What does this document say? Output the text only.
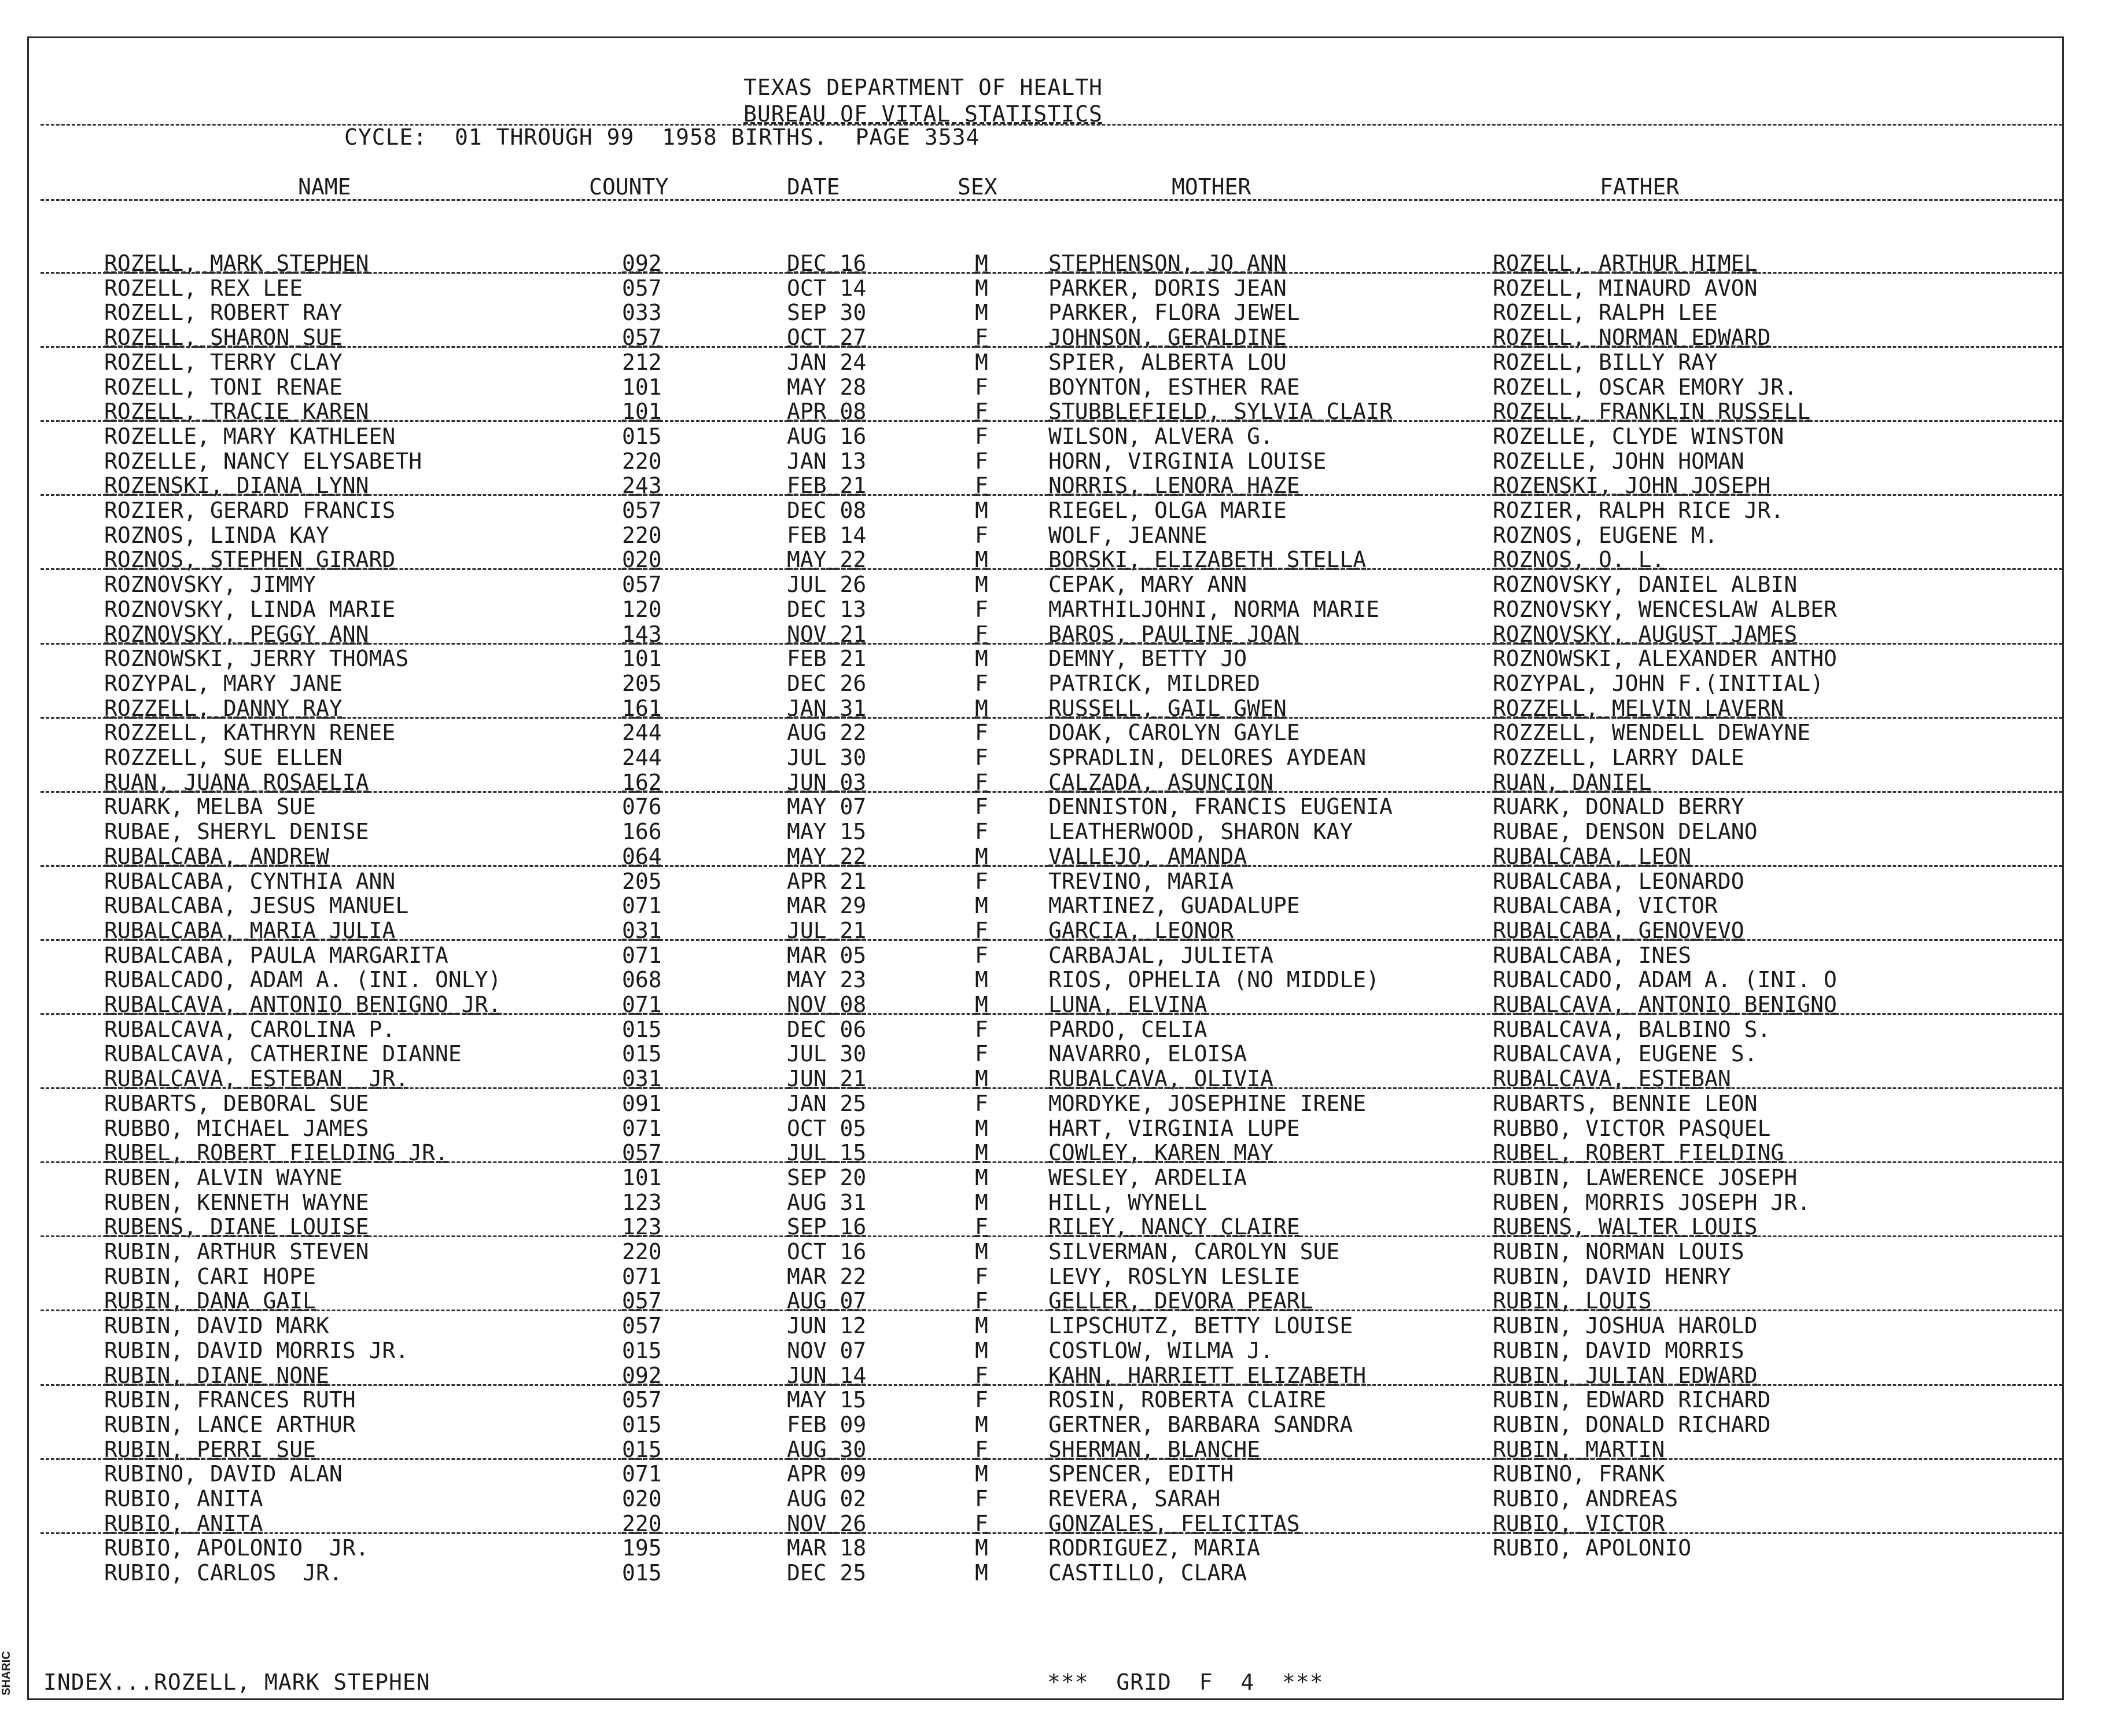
TEXAS DEPARTMENT OF HEALTH
BUREAU OF VITAL STATISTICS
CYCLE:  01 THROUGH 99  1958 BIRTHS.  PAGE 3534
NAME	COUNTY	DATE	SEX	MOTHER	FATHER
ROZELL, MARK STEPHEN	092	DEC 16	M	STEPHENSON, JO ANN	ROZELL, ARTHUR HIMEL
ROZELL, REX LEE	057	OCT 14	M	PARKER, DORIS JEAN	ROZELL, MINAURD AVON
ROZELL, ROBERT RAY	033	SEP 30	M	PARKER, FLORA JEWEL	ROZELL, RALPH LEE
ROZELL, SHARON SUE	057	OCT 27	F	JOHNSON, GERALDINE	ROZELL, NORMAN EDWARD
ROZELL, TERRY CLAY	212	JAN 24	M	SPIER, ALBERTA LOU	ROZELL, BILLY RAY
ROZELL, TONI RENAE	101	MAY 28	F	BOYNTON, ESTHER RAE	ROZELL, OSCAR EMORY JR.
ROZELL, TRACIE KAREN	101	APR 08	F	STUBBLEFIELD, SYLVIA CLAIR	ROZELL, FRANKLIN RUSSELL
ROZELLE, MARY KATHLEEN	015	AUG 16	F	WILSON, ALVERA G.	ROZELLE, CLYDE WINSTON
ROZELLE, NANCY ELYSABETH	220	JAN 13	F	HORN, VIRGINIA LOUISE	ROZELLE, JOHN HOMAN
ROZENSKI, DIANA LYNN	243	FEB 21	F	NORRIS, LENORA HAZE	ROZENSKI, JOHN JOSEPH
ROZIER, GERARD FRANCIS	057	DEC 08	M	RIEGEL, OLGA MARIE	ROZIER, RALPH RICE JR.
ROZNOS, LINDA KAY	220	FEB 14	F	WOLF, JEANNE	ROZNOS, EUGENE M.
ROZNOS, STEPHEN GIRARD	020	MAY 22	M	BORSKI, ELIZABETH STELLA	ROZNOS, O. L.
ROZNOVSKY, JIMMY	057	JUL 26	M	CEPAK, MARY ANN	ROZNOVSKY, DANIEL ALBIN
ROZNOVSKY, LINDA MARIE	120	DEC 13	F	MARTHILJOHNI, NORMA MARIE	ROZNOVSKY, WENCESLAW ALBER
ROZNOVSKY, PEGGY ANN	143	NOV 21	F	BAROS, PAULINE JOAN	ROZNOVSKY, AUGUST JAMES
ROZNOWSKI, JERRY THOMAS	101	FEB 21	M	DEMNY, BETTY JO	ROZNOWSKI, ALEXANDER ANTHO
ROZYPAL, MARY JANE	205	DEC 26	F	PATRICK, MILDRED	ROZYPAL, JOHN F.(INITIAL)
ROZZELL, DANNY RAY	161	JAN 31	M	RUSSELL, GAIL GWEN	ROZZELL, MELVIN LAVERN
ROZZELL, KATHRYN RENEE	244	AUG 22	F	DOAK, CAROLYN GAYLE	ROZZELL, WENDELL DEWAYNE
ROZZELL, SUE ELLEN	244	JUL 30	F	SPRADLIN, DELORES AYDEAN	ROZZELL, LARRY DALE
RUAN, JUANA ROSAELIA	162	JUN 03	F	CALZADA, ASUNCION	RUAN, DANIEL
RUARK, MELBA SUE	076	MAY 07	F	DENNISTON, FRANCIS EUGENIA	RUARK, DONALD BERRY
RUBAE, SHERYL DENISE	166	MAY 15	F	LEATHERWOOD, SHARON KAY	RUBAE, DENSON DELANO
RUBALCABA, ANDREW	064	MAY 22	M	VALLEJO, AMANDA	RUBALCABA, LEON
RUBALCABA, CYNTHIA ANN	205	APR 21	F	TREVINO, MARIA	RUBALCABA, LEONARDO
RUBALCABA, JESUS MANUEL	071	MAR 29	M	MARTINEZ, GUADALUPE	RUBALCABA, VICTOR
RUBALCABA, MARIA JULIA	031	JUL 21	F	GARCIA, LEONOR	RUBALCABA, GENOVEVO
RUBALCABA, PAULA MARGARITA	071	MAR 05	F	CARBAJAL, JULIETA	RUBALCABA, INES
RUBALCADO, ADAM A. (INI. ONLY)	068	MAY 23	M	RIOS, OPHELIA (NO MIDDLE)	RUBALCADO, ADAM A. (INI. O
RUBALCAVA, ANTONIO BENIGNO JR.	071	NOV 08	M	LUNA, ELVINA	RUBALCAVA, ANTONIO BENIGNO
RUBALCAVA, CAROLINA P.	015	DEC 06	F	PARDO, CELIA	RUBALCAVA, BALBINO S.
RUBALCAVA, CATHERINE DIANNE	015	JUL 30	F	NAVARRO, ELOISA	RUBALCAVA, EUGENE S.
RUBALCAVA, ESTEBAN  JR.	031	JUN 21	M	RUBALCAVA, OLIVIA	RUBALCAVA, ESTEBAN
RUBARTS, DEBORAL SUE	091	JAN 25	F	MORDYKE, JOSEPHINE IRENE	RUBARTS, BENNIE LEON
RUBBO, MICHAEL JAMES	071	OCT 05	M	HART, VIRGINIA LUPE	RUBBO, VICTOR PASQUEL
RUBEL, ROBERT FIELDING JR.	057	JUL 15	M	COWLEY, KAREN MAY	RUBEL, ROBERT FIELDING
RUBEN, ALVIN WAYNE	101	SEP 20	M	WESLEY, ARDELIA	RUBIN, LAWERENCE JOSEPH
RUBEN, KENNETH WAYNE	123	AUG 31	M	HILL, WYNELL	RUBEN, MORRIS JOSEPH JR.
RUBENS, DIANE LOUISE	123	SEP 16	F	RILEY, NANCY CLAIRE	RUBENS, WALTER LOUIS
RUBIN, ARTHUR STEVEN	220	OCT 16	M	SILVERMAN, CAROLYN SUE	RUBIN, NORMAN LOUIS
RUBIN, CARI HOPE	071	MAR 22	F	LEVY, ROSLYN LESLIE	RUBIN, DAVID HENRY
RUBIN, DANA GAIL	057	AUG 07	F	GELLER, DEVORA PEARL	RUBIN, LOUIS
RUBIN, DAVID MARK	057	JUN 12	M	LIPSCHUTZ, BETTY LOUISE	RUBIN, JOSHUA HAROLD
RUBIN, DAVID MORRIS JR.	015	NOV 07	M	COSTLOW, WILMA J.	RUBIN, DAVID MORRIS
RUBIN, DIANE NONE	092	JUN 14	F	KAHN, HARRIETT ELIZABETH	RUBIN, JULIAN EDWARD
RUBIN, FRANCES RUTH	057	MAY 15	F	ROSIN, ROBERTA CLAIRE	RUBIN, EDWARD RICHARD
RUBIN, LANCE ARTHUR	015	FEB 09	M	GERTNER, BARBARA SANDRA	RUBIN, DONALD RICHARD
RUBIN, PERRI SUE	015	AUG 30	F	SHERMAN, BLANCHE	RUBIN, MARTIN
RUBINO, DAVID ALAN	071	APR 09	M	SPENCER, EDITH	RUBINO, FRANK
RUBIO, ANITA	020	AUG 02	F	REVERA, SARAH	RUBIO, ANDREAS
RUBIO, ANITA	220	NOV 26	F	GONZALES, FELICITAS	RUBIO, VICTOR
RUBIO, APOLONIO  JR.	195	MAR 18	M	RODRIGUEZ, MARIA	RUBIO, APOLONIO
RUBIO, CARLOS  JR.	015	DEC 25	M	CASTILLO, CLARA
INDEX...ROZELL, MARK STEPHEN	***  GRID  F  4  ***
SHARIC
